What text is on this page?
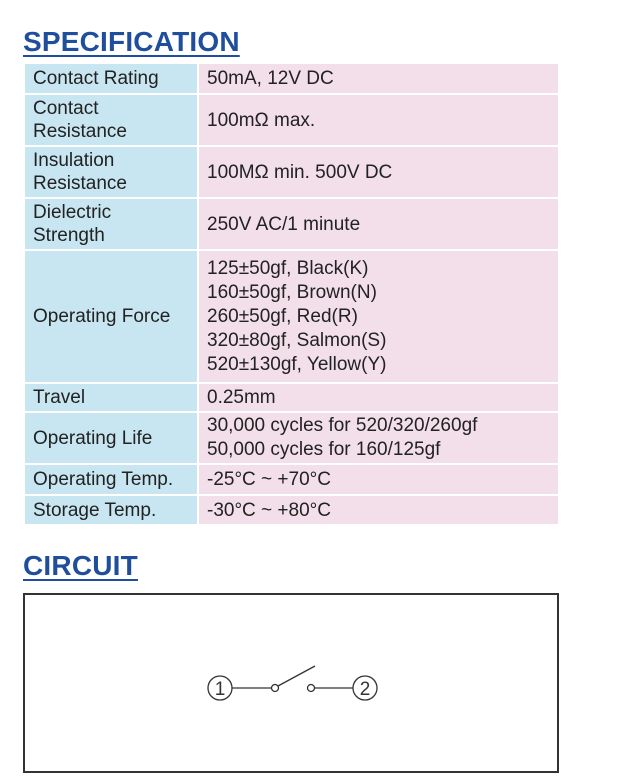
SPECIFICATION
Contact Rating	50mA, 12V DC
Contact Resistance	100mΩ max.
Insulation Resistance	100MΩ min. 500V DC
Dielectric Strength	250V AC/1 minute
Operating Force	125±50gf, Black(K)
160±50gf, Brown(N)
260±50gf, Red(R)
320±80gf, Salmon(S)
520±130gf, Yellow(Y)

Travel	0.25mm
Operating Life	30,000 cycles for 520/320/260gf
50,000 cycles for 160/125gf

Operating Temp.	-25°C ~ +70°C
Storage Temp.	-30°C ~ +80°C
CIRCUIT
1	2
